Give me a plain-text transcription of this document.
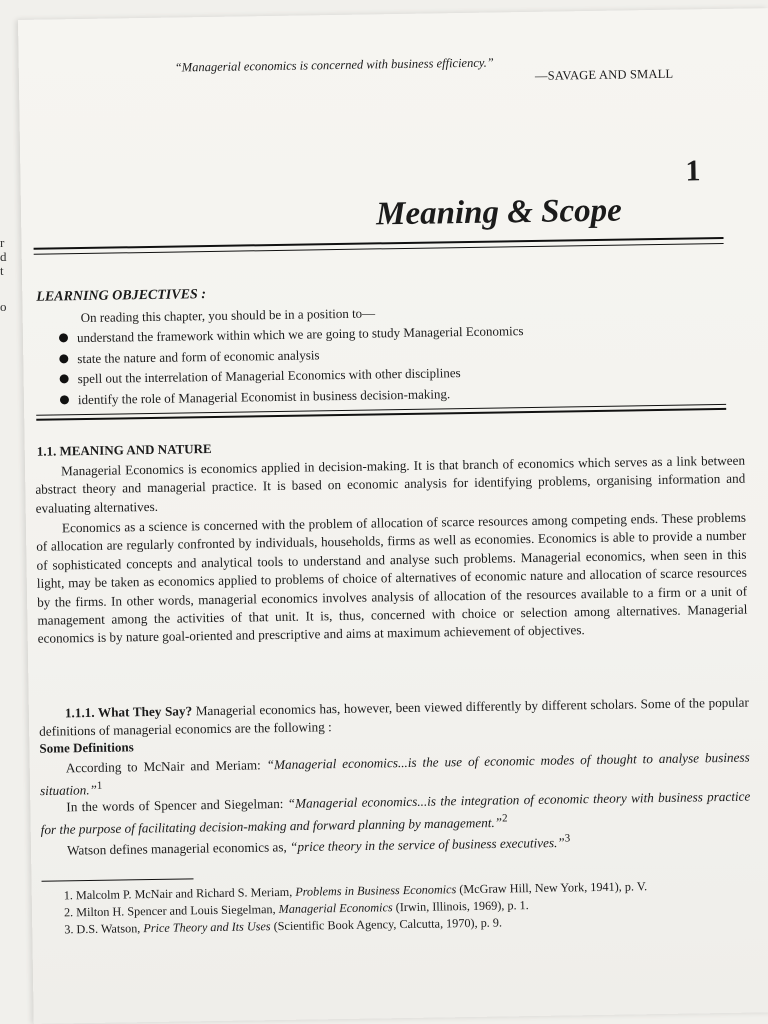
r
d
t
o
“Managerial economics is concerned with business efficiency.”
—SAVAGE AND SMALL
1
Meaning & Scope
LEARNING OBJECTIVES :
On reading this chapter, you should be in a position to—
understand the framework within which we are going to study Managerial Economics
state the nature and form of economic analysis
spell out the interrelation of Managerial Economics with other disciplines
identify the role of Managerial Economist in business decision-making.
1.1. MEANING AND NATURE

Managerial Economics is economics applied in decision-making. It is that branch of economics which serves as a link between abstract theory and managerial practice. It is based on economic analysis for identifying problems, organising information and evaluating alternatives.

Economics as a science is concerned with the problem of allocation of scarce resources among competing ends. These problems of allocation are regularly confronted by individuals, households, firms as well as economies. Economics is able to provide a number of sophisticated concepts and analytical tools to understand and analyse such problems. Managerial economics, when seen in this light, may be taken as economics applied to problems of choice of alternatives of economic nature and allocation of scarce resources by the firms. In other words, managerial economics involves analysis of allocation of the resources available to a firm or a unit of management among the activities of that unit. It is, thus, concerned with choice or selection among alternatives. Managerial economics is by nature goal-oriented and prescriptive and aims at maximum achievement of objectives.

1.1.1. What They Say? Managerial economics has, however, been viewed differently by different scholars. Some of the popular definitions of managerial economics are the following :

Some Definitions

According to McNair and Meriam: “Managerial economics...is the use of economic modes of thought to analyse business situation.”$^1$

In the words of Spencer and Siegelman: “Managerial economics...is the integration of economic theory with business practice for the purpose of facilitating decision-making and forward planning by management.”$^2$

Watson defines managerial economics as, “price theory in the service of business executives.”$^3$

1. Malcolm P. McNair and Richard S. Meriam, Problems in Business Economics (McGraw Hill, New York, 1941), p. V.

2. Milton H. Spencer and Louis Siegelman, Managerial Economics (Irwin, Illinois, 1969), p. 1.

3. D.S. Watson, Price Theory and Its Uses (Scientific Book Agency, Calcutta, 1970), p. 9.
